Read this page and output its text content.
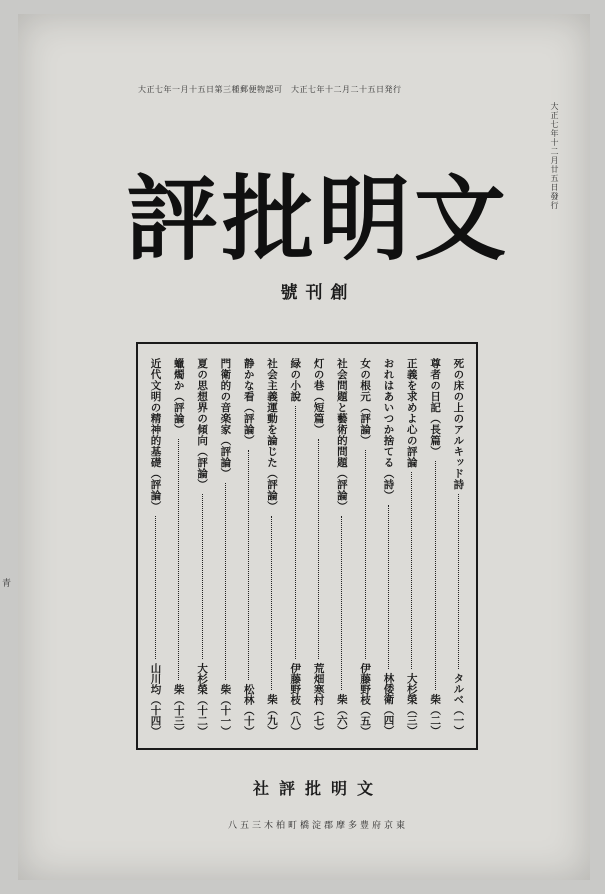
大正七年一月十五日第三種郵便物認可　大正七年十二月二十五日発行
大正七年十二月廿五日發行
文明批評
創刊號
死の床の上のアルキッド詩
タルベ（一）
尊者の日記（長篇）
柴（二）
正義を求めよ心の評論
大杉榮（三）
おれはあいつか捨てる（詩）
林倭衛（四）
女の根元（評論）
伊藤野枝（五）
社会問題と藝術的問題（評論）
柴（六）
灯の巷（短篇）
荒畑寒村（七）
緑の小說
伊藤野枝（八）
社会主義運動を論じた（評論）
柴（九）
静かな看（評論）
松林（十）
門衛的の音楽家（評論）
柴（十一）
夏の思想界の傾向（評論）
大杉榮（十二）
蠟燭か（評論）
柴（十三）
近代文明の精神的基礎（評論）
山川均（十四）
文明批評社
東京府豊多摩郡淀橋町柏木三五八
青
